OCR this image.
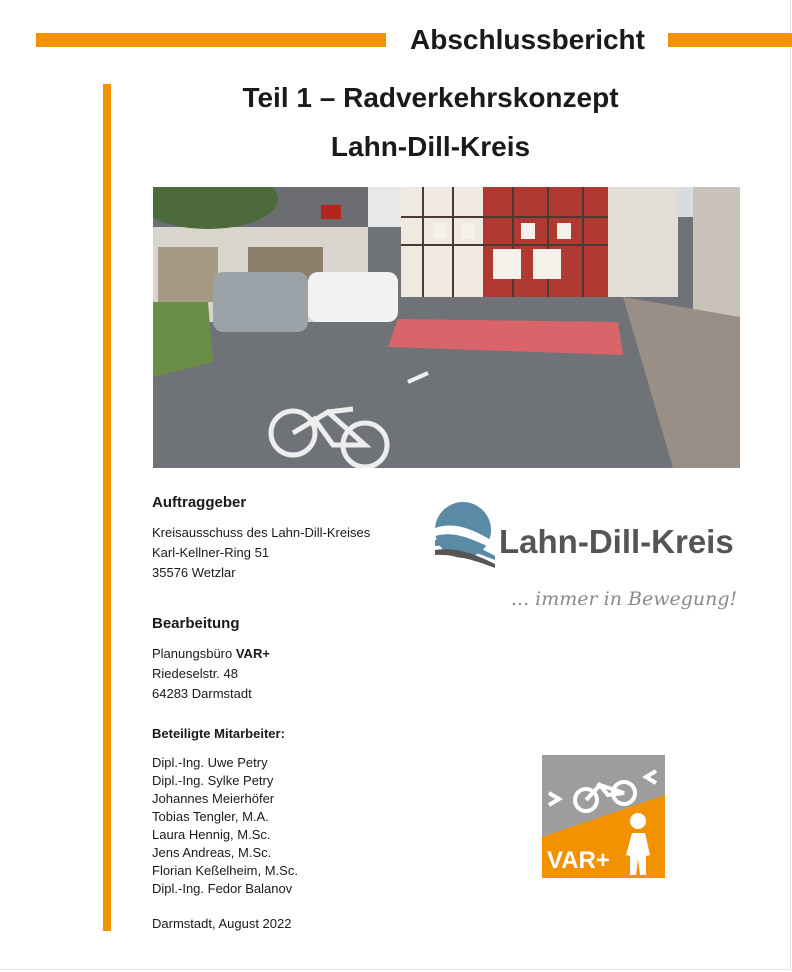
Abschlussbericht
Teil 1 – Radverkehrskonzept
Lahn-Dill-Kreis
Auftraggeber
Kreisausschuss des Lahn-Dill-Kreises
Karl-Kellner-Ring 51
35576 Wetzlar
Bearbeitung
Planungsbüro VAR+
Riedeselstr. 48
64283 Darmstadt
Beteiligte Mitarbeiter:
Dipl.-Ing. Uwe Petry
Dipl.-Ing. Sylke Petry
Johannes Meierhöfer
Tobias Tengler, M.A.
Laura Hennig, M.Sc.
Jens Andreas, M.Sc.
Florian Keßelheim, M.Sc.
Dipl.-Ing. Fedor Balanov
Darmstadt, August 2022
Lahn-Dill-Kreis
... immer in Bewegung!
VAR+
